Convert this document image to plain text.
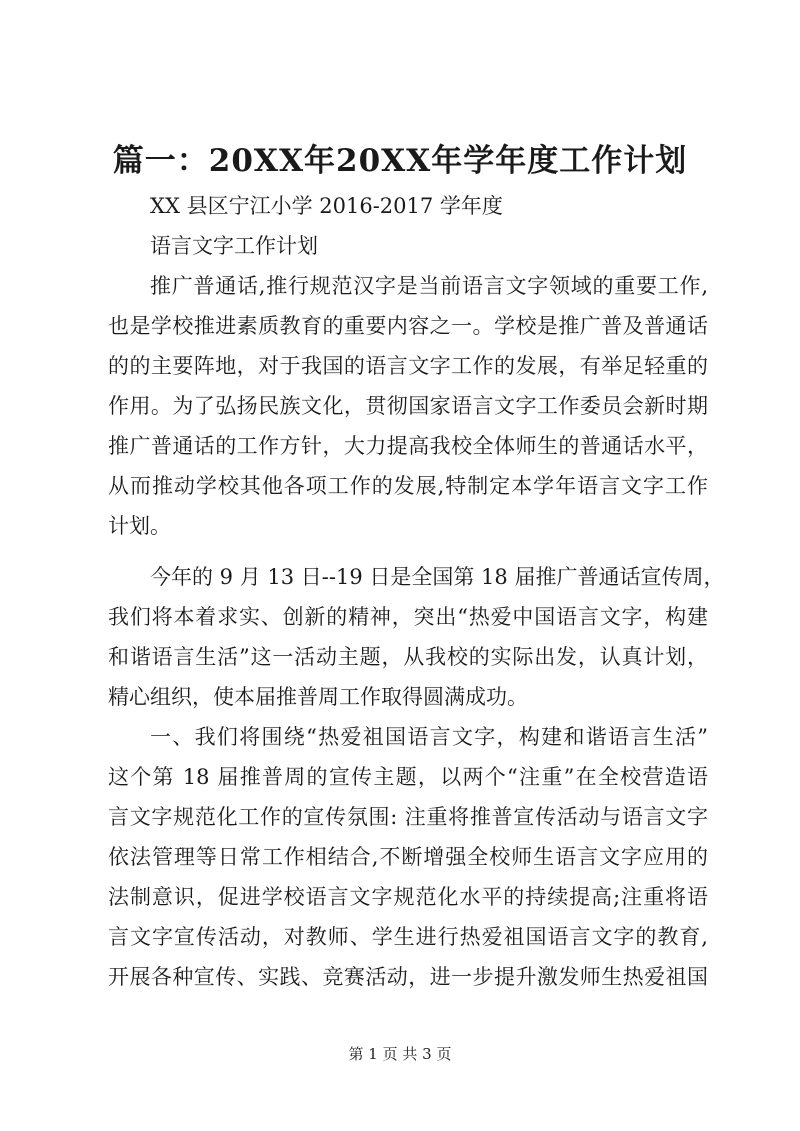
篇一：20XX年20XX年学年度工作计划
XX 县区宁江小学 2016-2017 学年度
语言文字工作计划
推广普通话,推行规范汉字是当前语言文字领域的重要工作,
也是学校推进素质教育的重要内容之一。学校是推广普及普通话
的的主要阵地，对于我国的语言文字工作的发展，有举足轻重的
作用。为了弘扬民族文化，贯彻国家语言文字工作委员会新时期
推广普通话的工作方针，大力提高我校全体师生的普通话水平，
从而推动学校其他各项工作的发展,特制定本学年语言文字工作
计划。
今年的 9 月 13 日--19 日是全国第 18 届推广普通话宣传周，
我们将本着求实、创新的精神，突出“热爱中国语言文字，构建
和谐语言生活”这一活动主题，从我校的实际出发，认真计划，
精心组织，使本届推普周工作取得圆满成功。
一、我们将围绕“热爱祖国语言文字，构建和谐语言生活”
这个第 18 届推普周的宣传主题，以两个“注重”在全校营造语
言文字规范化工作的宣传氛围: 注重将推普宣传活动与语言文字
依法管理等日常工作相结合,不断增强全校师生语言文字应用的
法制意识，促进学校语言文字规范化水平的持续提高;注重将语
言文字宣传活动，对教师、学生进行热爱祖国语言文字的教育,
开展各种宣传、实践、竞赛活动，进一步提升激发师生热爱祖国
第 1 页 共 3 页
